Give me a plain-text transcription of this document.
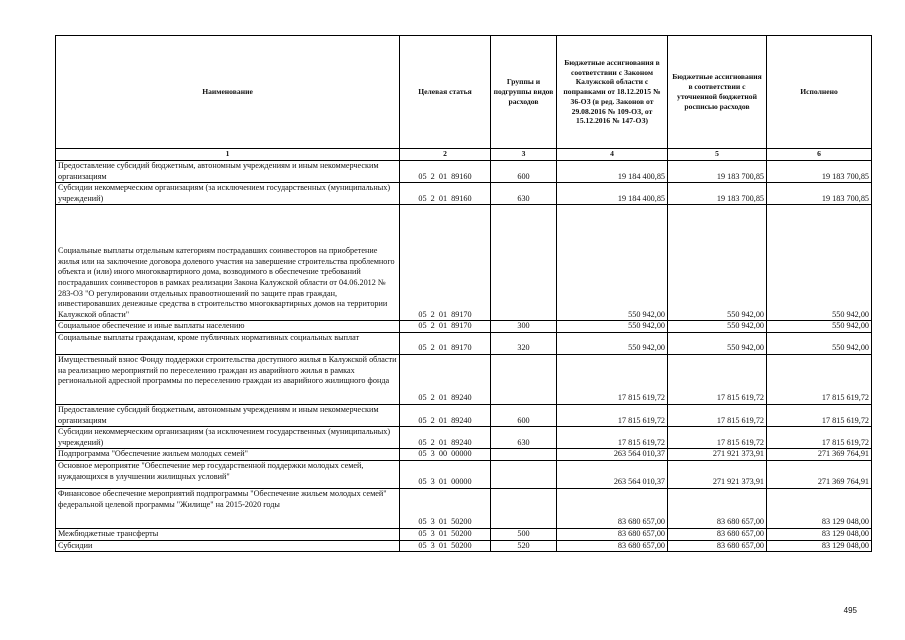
Наименование	Целевая статья	Группы и подгруппы видов расходов	Бюджетные ассигнования в соответствии с Законом Калужской области с поправками от 18.12.2015 № 36-ОЗ (в ред. Законов от 29.08.2016 № 109-ОЗ, от 15.12.2016 № 147-ОЗ)	Бюджетные ассигнования в соответствии с уточненной бюджетной росписью расходов	Исполнено
1	2	3	4	5	6
Предоставление субсидий бюджетным, автономным учреждениям и иным некоммерческим организациям	05  2  01  89160	600	19 184 400,85	19 183 700,85	19 183 700,85
Субсидии некоммерческим организациям (за исключением государственных (муниципальных) учреждений)	05  2  01  89160	630	19 184 400,85	19 183 700,85	19 183 700,85
Социальные выплаты отдельным категориям пострадавших соинвесторов на приобретение жилья или на заключение договора долевого участия на завершение строительства проблемного объекта и (или) иного многоквартирного дома, возводимого в обеспечение требований пострадавших соинвесторов в рамках реализации Закона Калужской области от 04.06.2012 № 283-ОЗ "О регулировании отдельных правоотношений по защите прав граждан, инвестировавших денежные средства в строительство многоквартирных домов на территории Калужской области"	05  2  01  89170		550 942,00	550 942,00	550 942,00
Социальное обеспечение и иные выплаты населению	05  2  01  89170	300	550 942,00	550 942,00	550 942,00
Социальные выплаты гражданам, кроме публичных нормативных социальных выплат	05  2  01  89170	320	550 942,00	550 942,00	550 942,00
Имущественный взнос Фонду поддержки строительства доступного жилья в Калужской области на реализацию мероприятий по переселению граждан из аварийного жилья в рамках региональной адресной программы по переселению граждан из аварийного жилищного фонда	05  2  01  89240		17 815 619,72	17 815 619,72	17 815 619,72
Предоставление субсидий бюджетным, автономным учреждениям и иным некоммерческим организациям	05  2  01  89240	600	17 815 619,72	17 815 619,72	17 815 619,72
Субсидии некоммерческим организациям (за исключением государственных (муниципальных) учреждений)	05  2  01  89240	630	17 815 619,72	17 815 619,72	17 815 619,72
Подпрограмма "Обеспечение жильем молодых семей"	05  3  00  00000		263 564 010,37	271 921 373,91	271 369 764,91
Основное мероприятие "Обеспечение мер государственной поддержки молодых семей, нуждающихся в улучшении жилищных условий"	05  3  01  00000		263 564 010,37	271 921 373,91	271 369 764,91
Финансовое обеспечение мероприятий подпрограммы "Обеспечение жильем молодых семей" федеральной целевой программы "Жилище" на 2015-2020 годы	05  3  01  50200		83 680 657,00	83 680 657,00	83 129 048,00
Межбюджетные трансферты	05  3  01  50200	500	83 680 657,00	83 680 657,00	83 129 048,00
Субсидии	05  3  01  50200	520	83 680 657,00	83 680 657,00	83 129 048,00
495
